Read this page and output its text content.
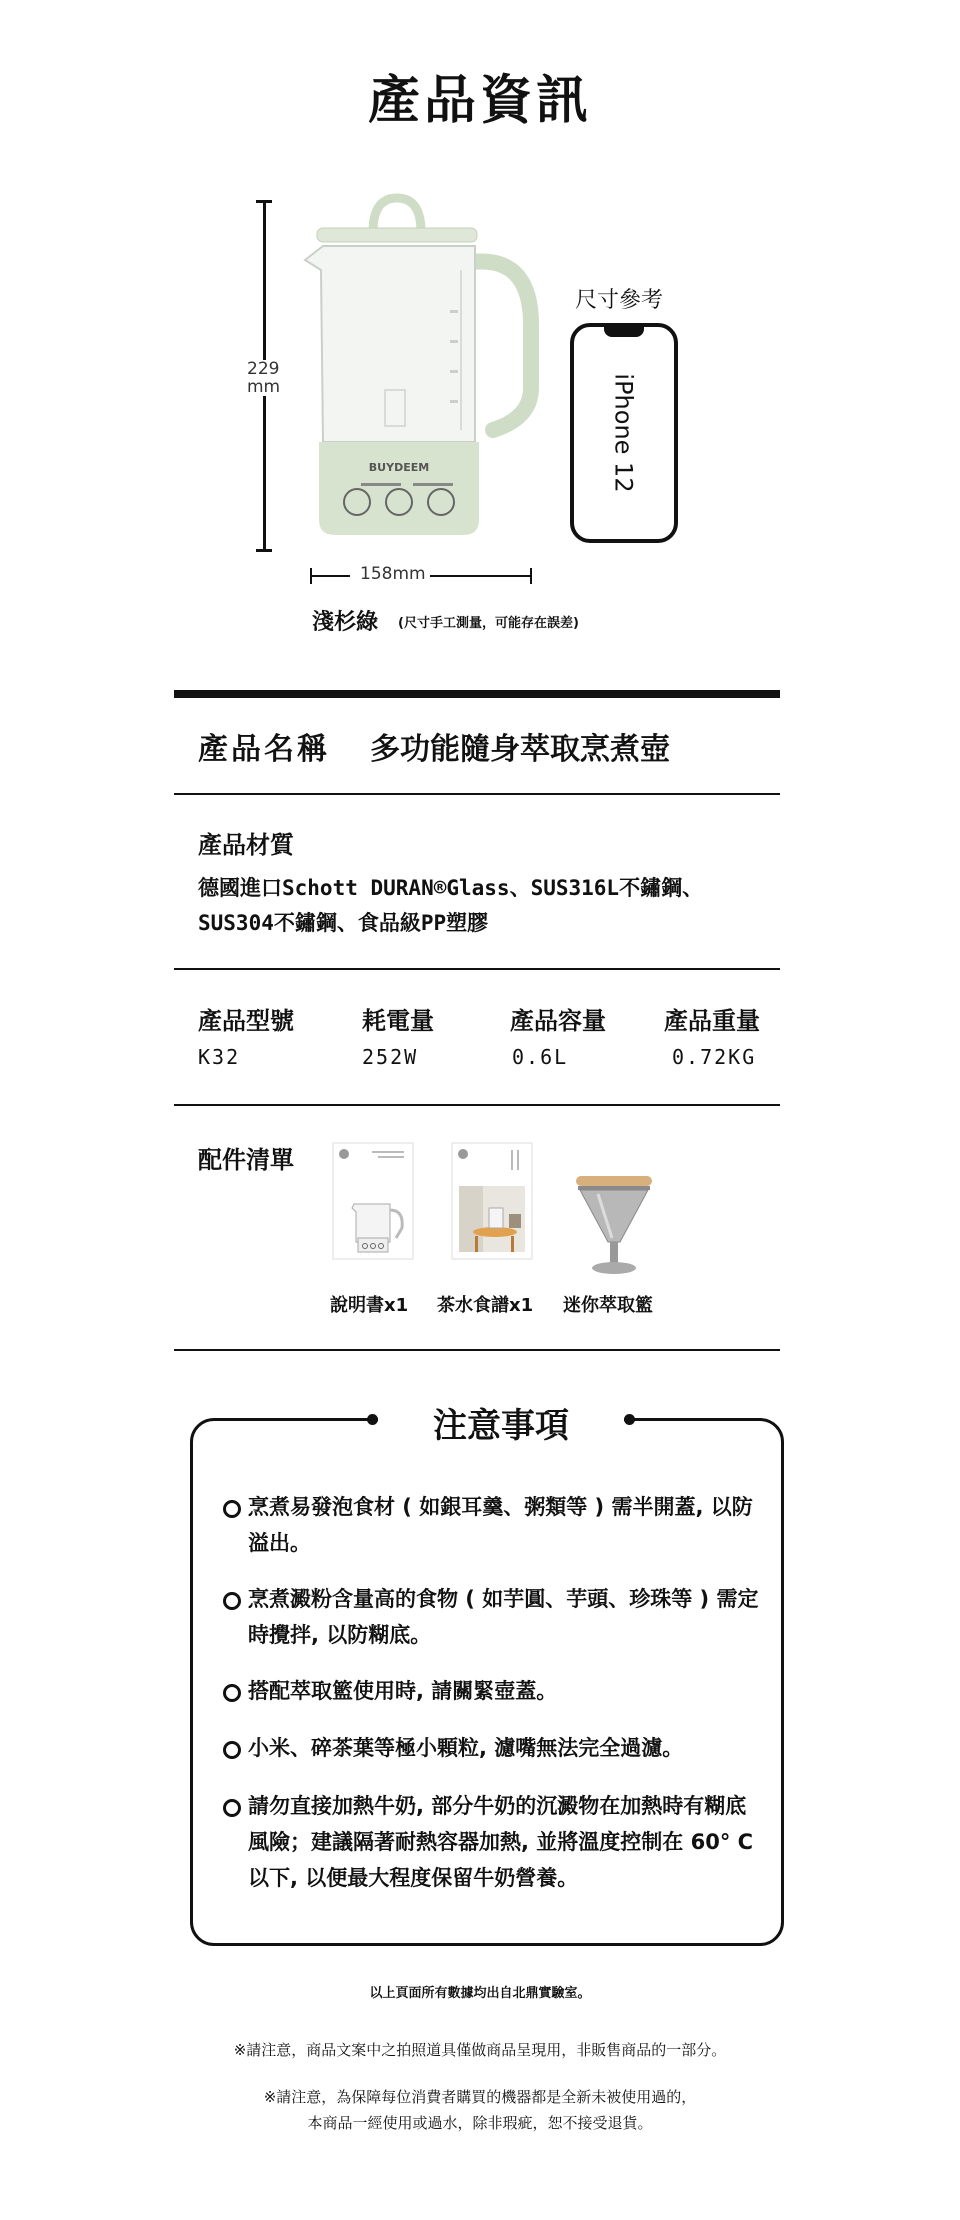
產品資訊
229
mm
158mm
BUYDEEM
尺寸參考
iPhone 12
淺杉綠 (尺寸手工測量，可能存在誤差)
產品名稱 多功能隨身萃取烹煮壺
產品材質
德國進口Schott DURAN®Glass、SUS316L不鏽鋼、
SUS304不鏽鋼、食品級PP塑膠
產品型號	耗電量	產品容量 產品重量
K32	252W	0.6L	0.72KG
配件清單
說明書x1 茶水食譜x1 迷你萃取籃
注意事項
烹煮易發泡食材 ( 如銀耳羹、粥類等 ) 需半開蓋, 以防
溢出。
烹煮澱粉含量高的食物 ( 如芋圓、芋頭、珍珠等 ) 需定
時攪拌, 以防糊底。
搭配萃取籃使用時, 請關緊壺蓋。
小米、碎茶葉等極小顆粒, 濾嘴無法完全過濾。
請勿直接加熱牛奶, 部分牛奶的沉澱物在加熱時有糊底
風險；建議隔著耐熱容器加熱, 並將溫度控制在 60° C
以下, 以便最大程度保留牛奶營養。
以上頁面所有數據均出自北鼎實驗室。
※請注意，商品文案中之拍照道具僅做商品呈現用，非販售商品的一部分。
※請注意，為保障每位消費者購買的機器都是全新未被使用過的，
本商品一經使用或過水，除非瑕疵，恕不接受退貨。
